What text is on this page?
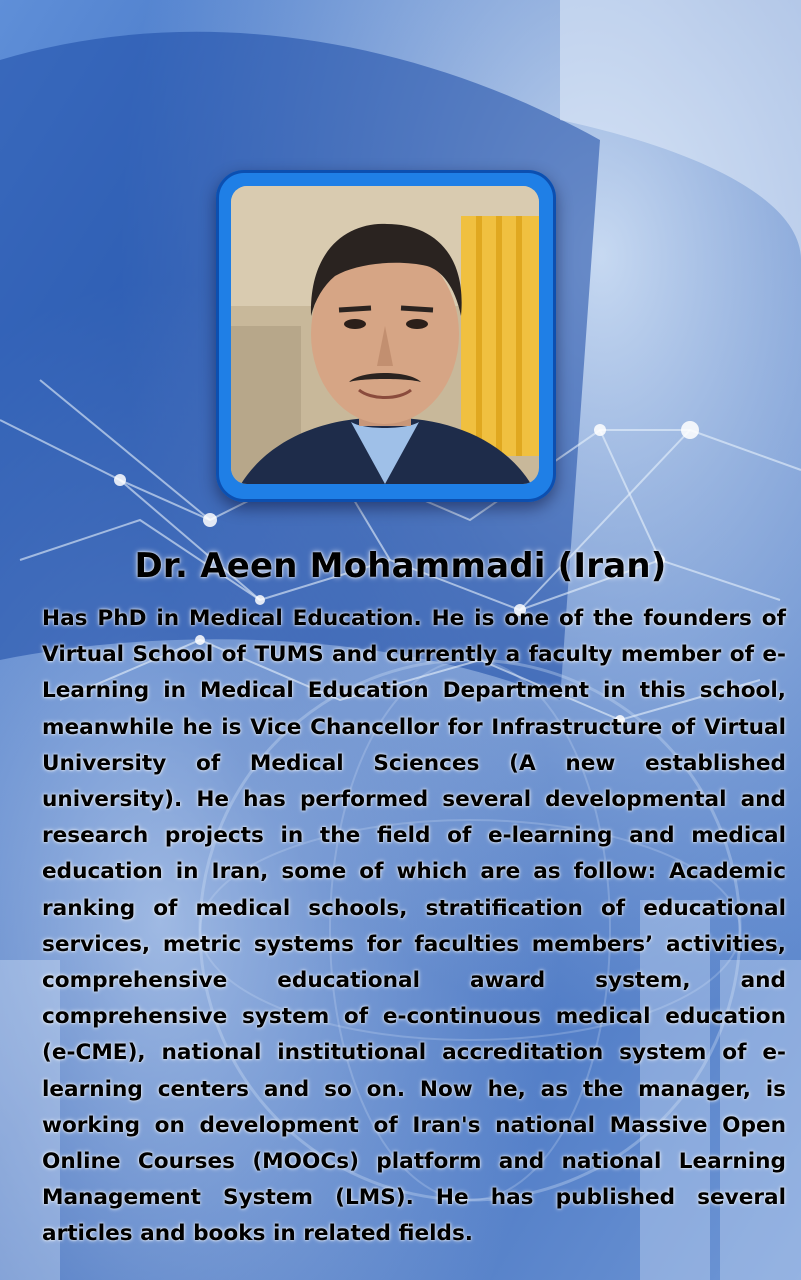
Dr. Aeen Mohammadi (Iran)

Has PhD in Medical Education. He is one of the founders of Virtual School of TUMS and currently a faculty member of e-Learning in Medical Education Department in this school, meanwhile he is Vice Chancellor for Infrastructure of Virtual University of Medical Sciences (A new established university). He has performed several developmental and research projects in the field of e-learning and medical education in Iran, some of which are as follow: Academic ranking of medical schools, stratification of educational services, metric systems for faculties members’ activities, comprehensive educational award system, and comprehensive system of e-continuous medical education (e-CME), national institutional accreditation system of e-learning centers and so on. Now he, as the manager, is working on development of Iran's national Massive Open Online Courses (MOOCs) platform and national Learning Management System (LMS). He has published several articles and books in related fields.
